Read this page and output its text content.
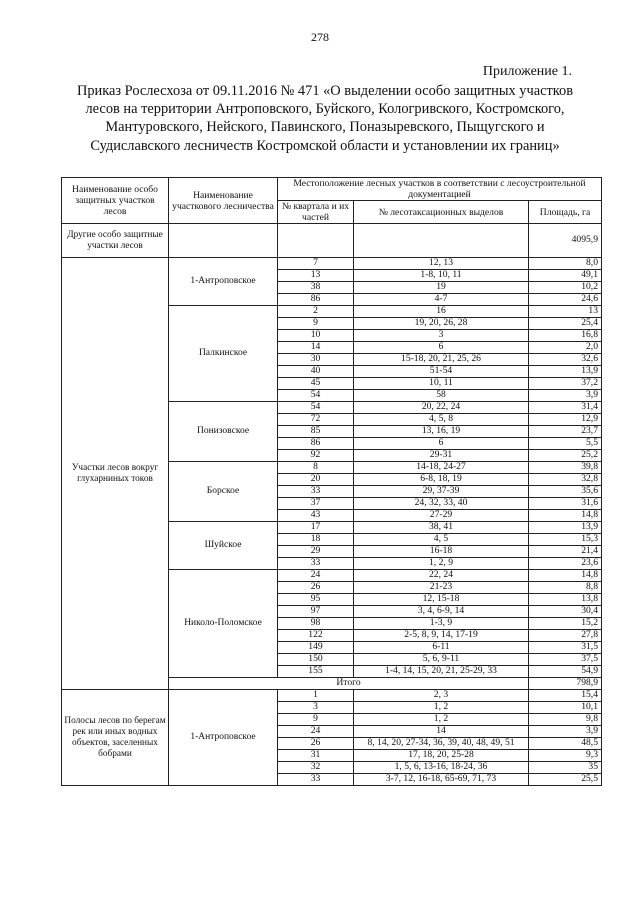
278
Приложение 1.
Приказ Рослесхоза от 09.11.2016 № 471 «О выделении особо защитных участков лесов на территории Антроповского, Буйского, Кологривского, Костромского, Мантуровского, Нейского, Павинского, Поназыревского, Пыщугского и Судиславского лесничеств Костромской области и установлении их границ»
Наименование особо защитных участков лесов	Наименование участкового лесничества	Местоположение лесных участков в соответствии с лесоустроительной документацией		
		№ квартала и их частей	№ лесотаксационных выделов	Площадь, га
Другие особо защитные участки лесов				4095,9
Участки лесов вокруг глухарниных токов	1-Антроповское	7	12, 13	8,0
		13	1-8, 10, 11	49,1
		38	19	10,2
		86	4-7	24,6
	Палкинское	2	16	13
		9	19, 20, 26, 28	25,4
		10	3	16,8
		14	6	2,0
		30	15-18, 20, 21, 25, 26	32,6
		40	51-54	13,9
		45	10, 11	37,2
		54	58	3,9
	Понизовское	54	20, 22, 24	31,4
		72	4, 5, 8	12,9
		85	13, 16, 19	23,7
		86	6	5,5
		92	29-31	25,2
	Борское	8	14-18, 24-27	39,8
		20	6-8, 18, 19	32,8
		33	29, 37-39	35,6
		37	24, 32, 33, 40	31,6
		43	27-29	14,8
	Шуйское	17	38, 41	13,9
		18	4, 5	15,3
		29	16-18	21,4
		33	1, 2, 9	23,6
	Николо-Поломское	24	22, 24	14,8
		26	21-23	8,8
		95	12, 15-18	13,8
		97	3, 4, 6-9, 14	30,4
		98	1-3, 9	15,2
		122	2-5, 8, 9, 14, 17-19	27,8
		149	6-11	31,5
		150	5, 6, 9-11	37,5
		155	1-4, 14, 15, 20, 21, 25-29, 33	54,9
	Итого			798,9
Полосы лесов по берегам рек или иных водных объектов, заселенных бобрами	1-Антроповское	1	2, 3	15,4
		3	1, 2	10,1
		9	1, 2	9,8
		24	14	3,9
		26	8, 14, 20, 27-34, 36, 39, 40, 48, 49, 51	48,5
		31	17, 18, 20, 25-28	9,3
		32	1, 5, 6, 13-16, 18-24, 36	35
		33	3-7, 12, 16-18, 65-69, 71, 73	25,5
